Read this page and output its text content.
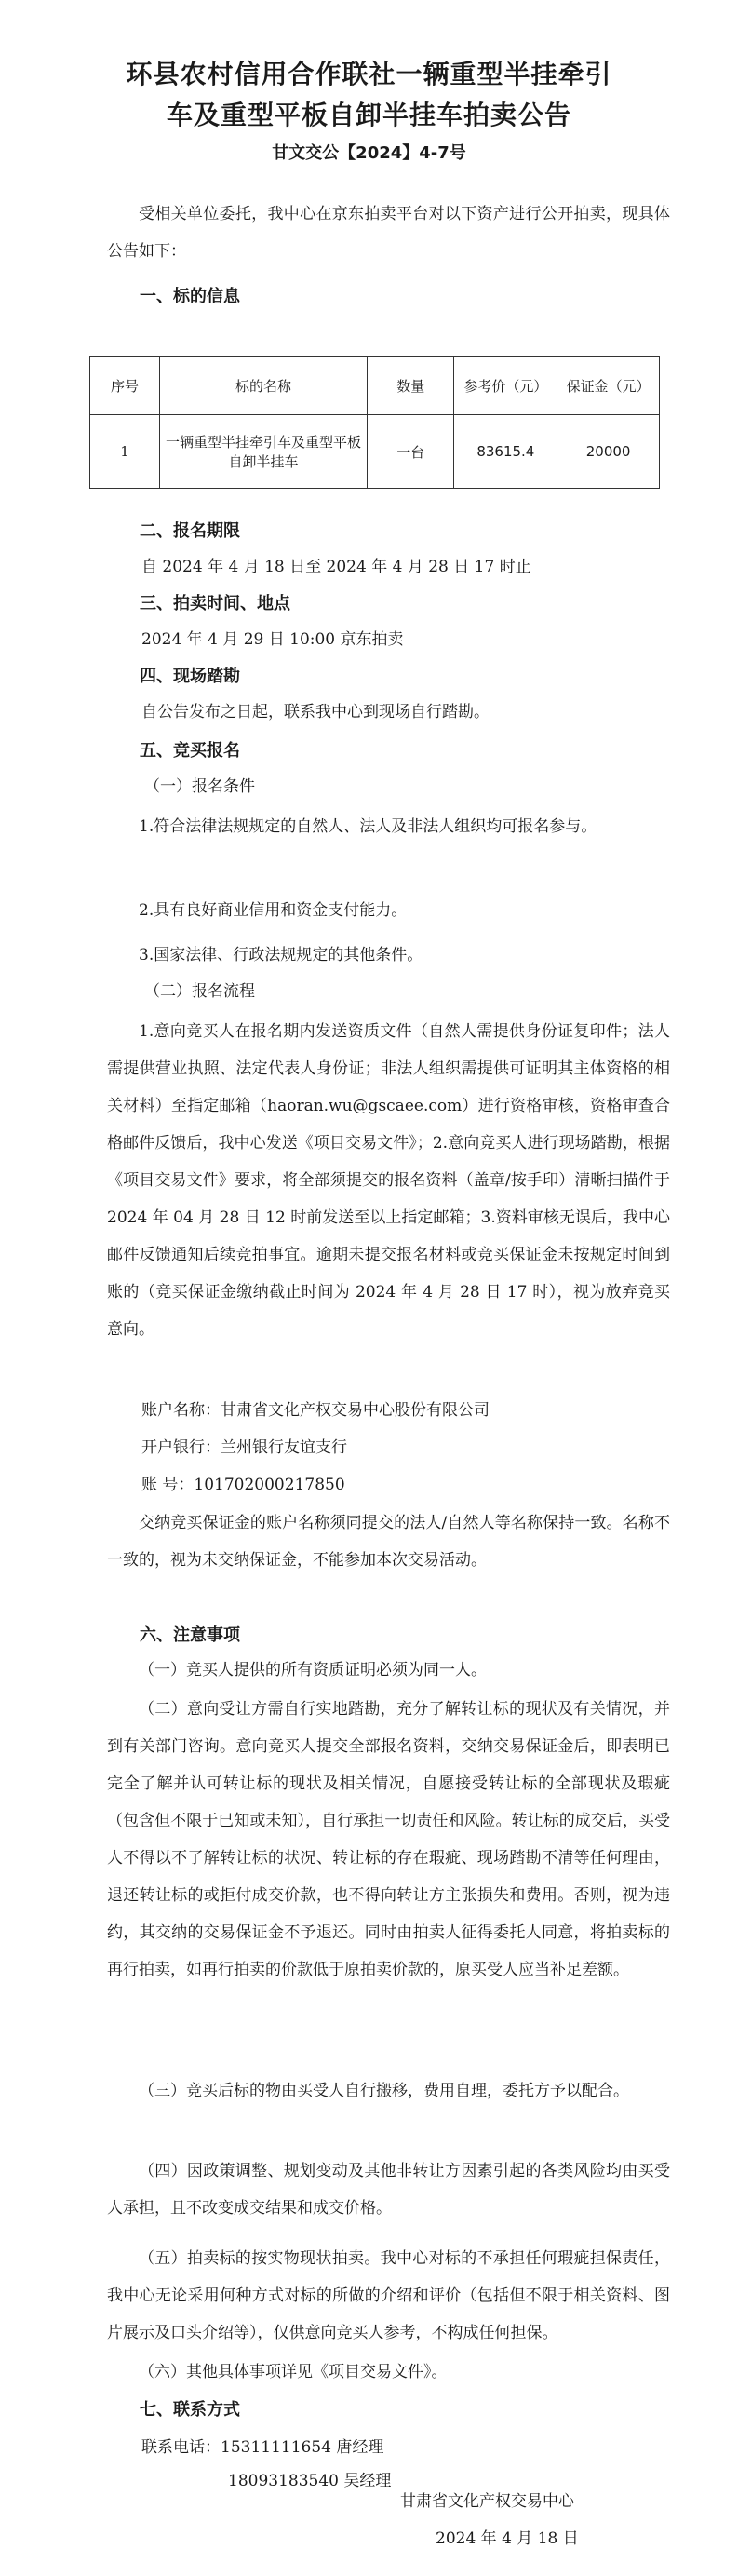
环县农村信用合作联社一辆重型半挂牵引
车及重型平板自卸半挂车拍卖公告
甘文交公【2024】4-7号
受相关单位委托，我中心在京东拍卖平台对以下资产进行公开拍卖，现具体公告如下：
一、标的信息
序号	标的名称	数量	参考价（元）	保证金（元）
1	一辆重型半挂牵引车及重型平板自卸半挂车	一台	83615.4	20000
二、报名期限
自 2024 年 4 月 18 日至 2024 年 4 月 28 日 17 时止
三、拍卖时间、地点
2024 年 4 月 29 日 10:00 京东拍卖
四、现场踏勘
自公告发布之日起，联系我中心到现场自行踏勘。
五、竞买报名
（一）报名条件
1.符合法律法规规定的自然人、法人及非法人组织均可报名参与。
2.具有良好商业信用和资金支付能力。
3.国家法律、行政法规规定的其他条件。
（二）报名流程
1.意向竞买人在报名期内发送资质文件（自然人需提供身份证复印件；法人需提供营业执照、法定代表人身份证；非法人组织需提供可证明其主体资格的相关材料）至指定邮箱（haoran.wu@gscaee.com）进行资格审核，资格审查合格邮件反馈后，我中心发送《项目交易文件》；2.意向竞买人进行现场踏勘，根据《项目交易文件》要求，将全部须提交的报名资料（盖章/按手印）清晰扫描件于 2024 年 04 月 28 日 12 时前发送至以上指定邮箱；3.资料审核无误后，我中心邮件反馈通知后续竞拍事宜。逾期未提交报名材料或竞买保证金未按规定时间到账的（竞买保证金缴纳截止时间为 2024 年 4 月 28 日 17 时），视为放弃竞买意向。
账户名称：甘肃省文化产权交易中心股份有限公司
开户银行：兰州银行友谊支行
账 号：101702000217850
交纳竞买保证金的账户名称须同提交的法人/自然人等名称保持一致。名称不一致的，视为未交纳保证金，不能参加本次交易活动。
六、注意事项
（一）竞买人提供的所有资质证明必须为同一人。
（二）意向受让方需自行实地踏勘，充分了解转让标的现状及有关情况，并到有关部门咨询。意向竞买人提交全部报名资料，交纳交易保证金后，即表明已完全了解并认可转让标的现状及相关情况，自愿接受转让标的全部现状及瑕疵（包含但不限于已知或未知），自行承担一切责任和风险。转让标的成交后，买受人不得以不了解转让标的状况、转让标的存在瑕疵、现场踏勘不清等任何理由，退还转让标的或拒付成交价款，也不得向转让方主张损失和费用。否则，视为违约，其交纳的交易保证金不予退还。同时由拍卖人征得委托人同意，将拍卖标的再行拍卖，如再行拍卖的价款低于原拍卖价款的，原买受人应当补足差额。
（三）竞买后标的物由买受人自行搬移，费用自理，委托方予以配合。
（四）因政策调整、规划变动及其他非转让方因素引起的各类风险均由买受人承担，且不改变成交结果和成交价格。
（五）拍卖标的按实物现状拍卖。我中心对标的不承担任何瑕疵担保责任，我中心无论采用何种方式对标的所做的介绍和评价（包括但不限于相关资料、图片展示及口头介绍等），仅供意向竞买人参考，不构成任何担保。
（六）其他具体事项详见《项目交易文件》。
七、联系方式
联系电话：15311111654 唐经理
18093183540 吴经理
甘肃省文化产权交易中心
2024 年 4 月 18 日
